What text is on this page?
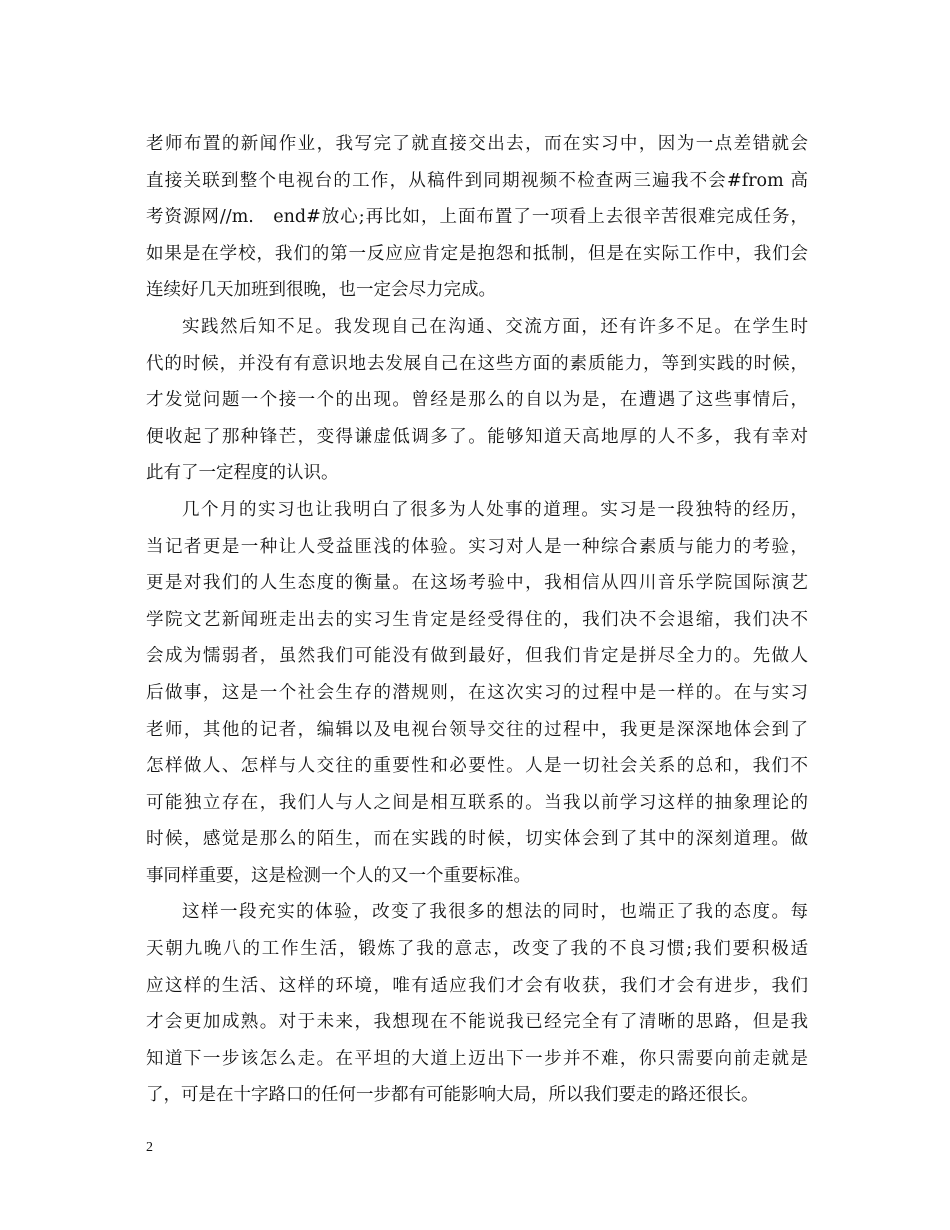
老师布置的新闻作业，我写完了就直接交出去，而在实习中，因为一点差错就会
直接关联到整个电视台的工作，从稿件到同期视频不检查两三遍我不会#from 高
考资源网//m.　end#放心;再比如，上面布置了一项看上去很辛苦很难完成任务，
如果是在学校，我们的第一反应应肯定是抱怨和抵制，但是在实际工作中，我们会
连续好几天加班到很晚，也一定会尽力完成。
实践然后知不足。我发现自己在沟通、交流方面，还有许多不足。在学生时
代的时候，并没有有意识地去发展自己在这些方面的素质能力，等到实践的时候，
才发觉问题一个接一个的出现。曾经是那么的自以为是，在遭遇了这些事情后，
便收起了那种锋芒，变得谦虚低调多了。能够知道天高地厚的人不多，我有幸对
此有了一定程度的认识。
几个月的实习也让我明白了很多为人处事的道理。实习是一段独特的经历，
当记者更是一种让人受益匪浅的体验。实习对人是一种综合素质与能力的考验，
更是对我们的人生态度的衡量。在这场考验中，我相信从四川音乐学院国际演艺
学院文艺新闻班走出去的实习生肯定是经受得住的，我们决不会退缩，我们决不
会成为懦弱者，虽然我们可能没有做到最好，但我们肯定是拼尽全力的。先做人
后做事，这是一个社会生存的潜规则，在这次实习的过程中是一样的。在与实习
老师，其他的记者，编辑以及电视台领导交往的过程中，我更是深深地体会到了
怎样做人、怎样与人交往的重要性和必要性。人是一切社会关系的总和，我们不
可能独立存在，我们人与人之间是相互联系的。当我以前学习这样的抽象理论的
时候，感觉是那么的陌生，而在实践的时候，切实体会到了其中的深刻道理。做
事同样重要，这是检测一个人的又一个重要标准。
这样一段充实的体验，改变了我很多的想法的同时，也端正了我的态度。每
天朝九晚八的工作生活，锻炼了我的意志，改变了我的不良习惯;我们要积极适
应这样的生活、这样的环境，唯有适应我们才会有收获，我们才会有进步，我们
才会更加成熟。对于未来，我想现在不能说我已经完全有了清晰的思路，但是我
知道下一步该怎么走。在平坦的大道上迈出下一步并不难，你只需要向前走就是
了，可是在十字路口的任何一步都有可能影响大局，所以我们要走的路还很长。
2
